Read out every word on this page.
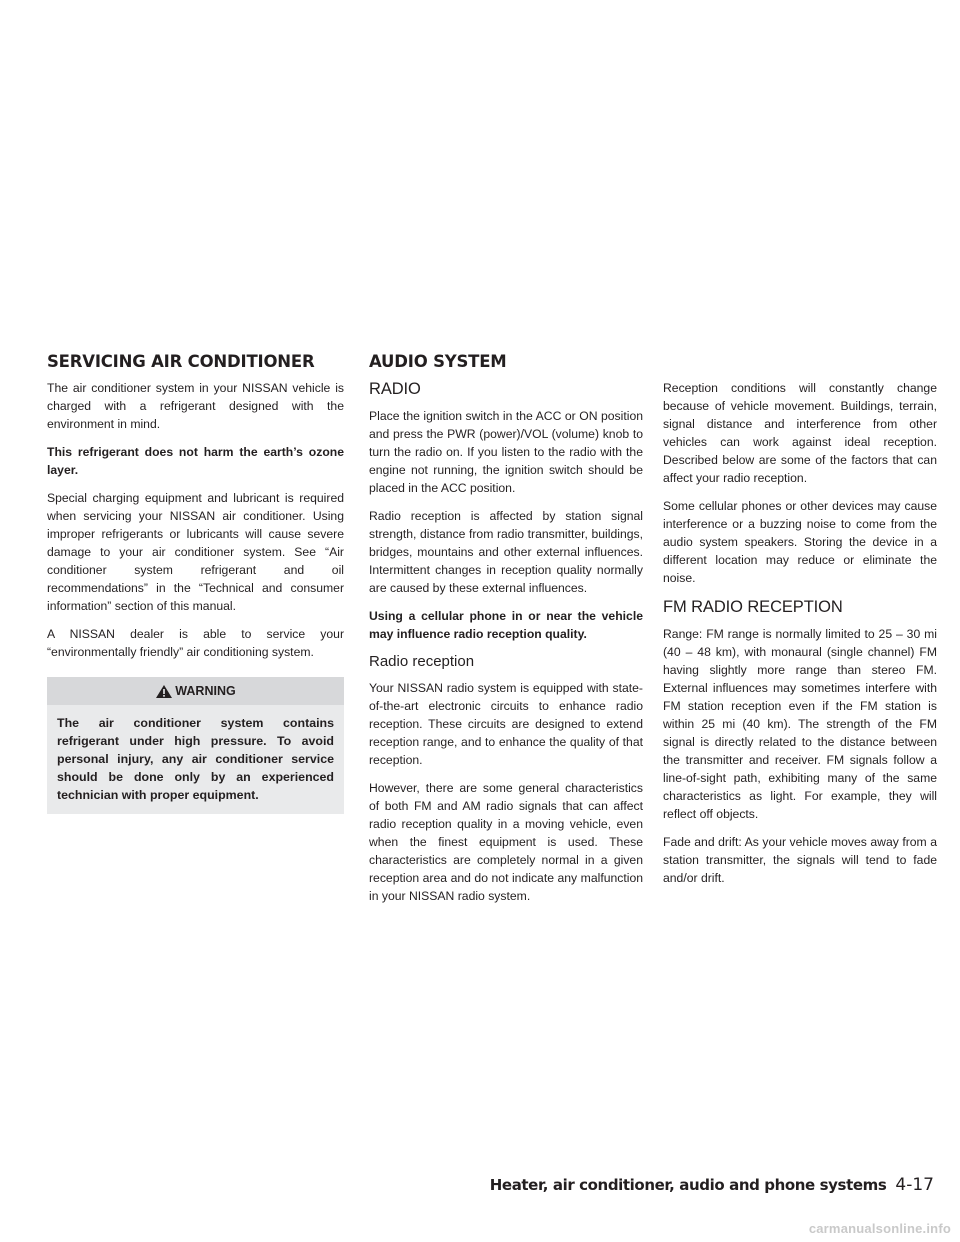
SERVICING AIR CONDITIONER	AUDIO SYSTEM

The air conditioner system in your NISSAN vehicle is charged with a refrigerant designed with the environment in mind.

This refrigerant does not harm the earth’s ozone layer.

Special charging equipment and lubricant is required when servicing your NISSAN air conditioner. Using improper refrigerants or lubricants will cause severe damage to your air conditioner system. See “Air conditioner system refrigerant and oil recommendations” in the “Technical and consumer information” section of this manual.

A NISSAN dealer is able to service your “environmentally friendly” air conditioning system.

WARNING
The air conditioner system contains refrigerant under high pressure. To avoid personal injury, any air conditioner service should be done only by an experienced technician with proper equipment.
RADIO

Place the ignition switch in the ACC or ON position and press the PWR (power)/VOL (volume) knob to turn the radio on. If you listen to the radio with the engine not running, the ignition switch should be placed in the ACC position.

Radio reception is affected by station signal strength, distance from radio transmitter, buildings, bridges, mountains and other external influences. Intermittent changes in reception quality normally are caused by these external influences.

Using a cellular phone in or near the vehicle may influence radio reception quality.

Radio reception

Your NISSAN radio system is equipped with state-of-the-art electronic circuits to enhance radio reception. These circuits are designed to extend reception range, and to enhance the quality of that reception.

However, there are some general characteristics of both FM and AM radio signals that can affect radio reception quality in a moving vehicle, even when the finest equipment is used. These characteristics are completely normal in a given reception area and do not indicate any malfunction in your NISSAN radio system.

Reception conditions will constantly change because of vehicle movement. Buildings, terrain, signal distance and interference from other vehicles can work against ideal reception. Described below are some of the factors that can affect your radio reception.

Some cellular phones or other devices may cause interference or a buzzing noise to come from the audio system speakers. Storing the device in a different location may reduce or eliminate the noise.

FM RADIO RECEPTION

Range: FM range is normally limited to 25 – 30 mi (40 – 48 km), with monaural (single channel) FM having slightly more range than stereo FM. External influences may sometimes interfere with FM station reception even if the FM station is within 25 mi (40 km). The strength of the FM signal is directly related to the distance between the transmitter and receiver. FM signals follow a line-of-sight path, exhibiting many of the same characteristics as light. For example, they will reflect off objects.

Fade and drift: As your vehicle moves away from a station transmitter, the signals will tend to fade and/or drift.

Heater, air conditioner, audio and phone systems 4-17
carmanualsonline.info
